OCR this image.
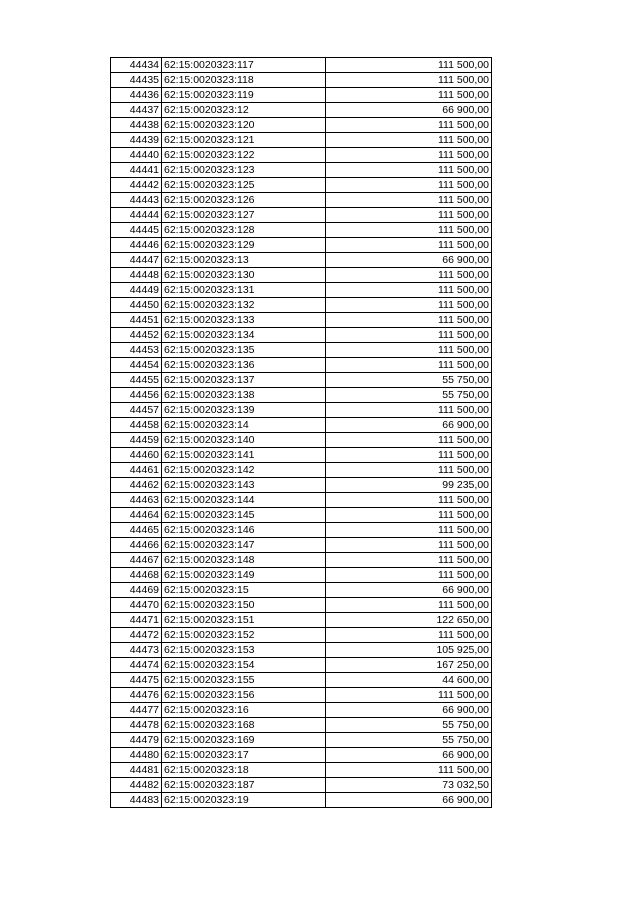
44434	62:15:0020323:117	111 500,00
44435	62:15:0020323:118	111 500,00
44436	62:15:0020323:119	111 500,00
44437	62:15:0020323:12	66 900,00
44438	62:15:0020323:120	111 500,00
44439	62:15:0020323:121	111 500,00
44440	62:15:0020323:122	111 500,00
44441	62:15:0020323:123	111 500,00
44442	62:15:0020323:125	111 500,00
44443	62:15:0020323:126	111 500,00
44444	62:15:0020323:127	111 500,00
44445	62:15:0020323:128	111 500,00
44446	62:15:0020323:129	111 500,00
44447	62:15:0020323:13	66 900,00
44448	62:15:0020323:130	111 500,00
44449	62:15:0020323:131	111 500,00
44450	62:15:0020323:132	111 500,00
44451	62:15:0020323:133	111 500,00
44452	62:15:0020323:134	111 500,00
44453	62:15:0020323:135	111 500,00
44454	62:15:0020323:136	111 500,00
44455	62:15:0020323:137	55 750,00
44456	62:15:0020323:138	55 750,00
44457	62:15:0020323:139	111 500,00
44458	62:15:0020323:14	66 900,00
44459	62:15:0020323:140	111 500,00
44460	62:15:0020323:141	111 500,00
44461	62:15:0020323:142	111 500,00
44462	62:15:0020323:143	99 235,00
44463	62:15:0020323:144	111 500,00
44464	62:15:0020323:145	111 500,00
44465	62:15:0020323:146	111 500,00
44466	62:15:0020323:147	111 500,00
44467	62:15:0020323:148	111 500,00
44468	62:15:0020323:149	111 500,00
44469	62:15:0020323:15	66 900,00
44470	62:15:0020323:150	111 500,00
44471	62:15:0020323:151	122 650,00
44472	62:15:0020323:152	111 500,00
44473	62:15:0020323:153	105 925,00
44474	62:15:0020323:154	167 250,00
44475	62:15:0020323:155	44 600,00
44476	62:15:0020323:156	111 500,00
44477	62:15:0020323:16	66 900,00
44478	62:15:0020323:168	55 750,00
44479	62:15:0020323:169	55 750,00
44480	62:15:0020323:17	66 900,00
44481	62:15:0020323:18	111 500,00
44482	62:15:0020323:187	73 032,50
44483	62:15:0020323:19	66 900,00
